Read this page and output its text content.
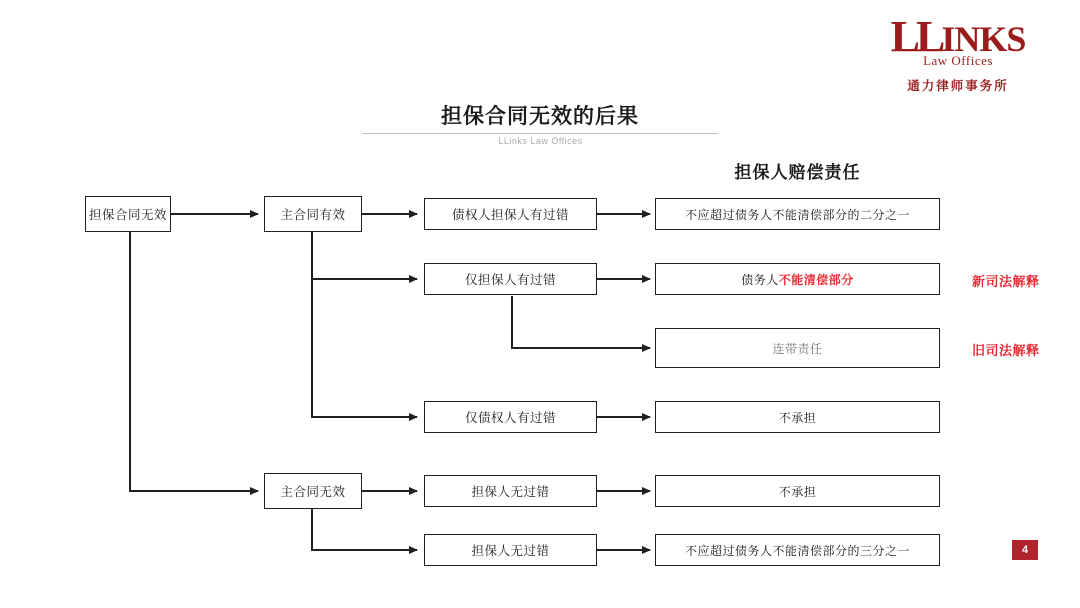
LLINKS
Law Offices
通力律师事务所
担保合同无效的后果
LLinks Law Offices
担保人赔偿责任
担保合同无效	主合同有效
主合同无效
债权人担保人有过错
仅担保人有过错
仅债权人有过错
担保人无过错
担保人无过错
不应超过债务人不能清偿部分的二分之一
债务人 不能清偿部分
连带责任
不承担
不承担
不应超过债务人不能清偿部分的三分之一
新司法解释
旧司法解释
4
